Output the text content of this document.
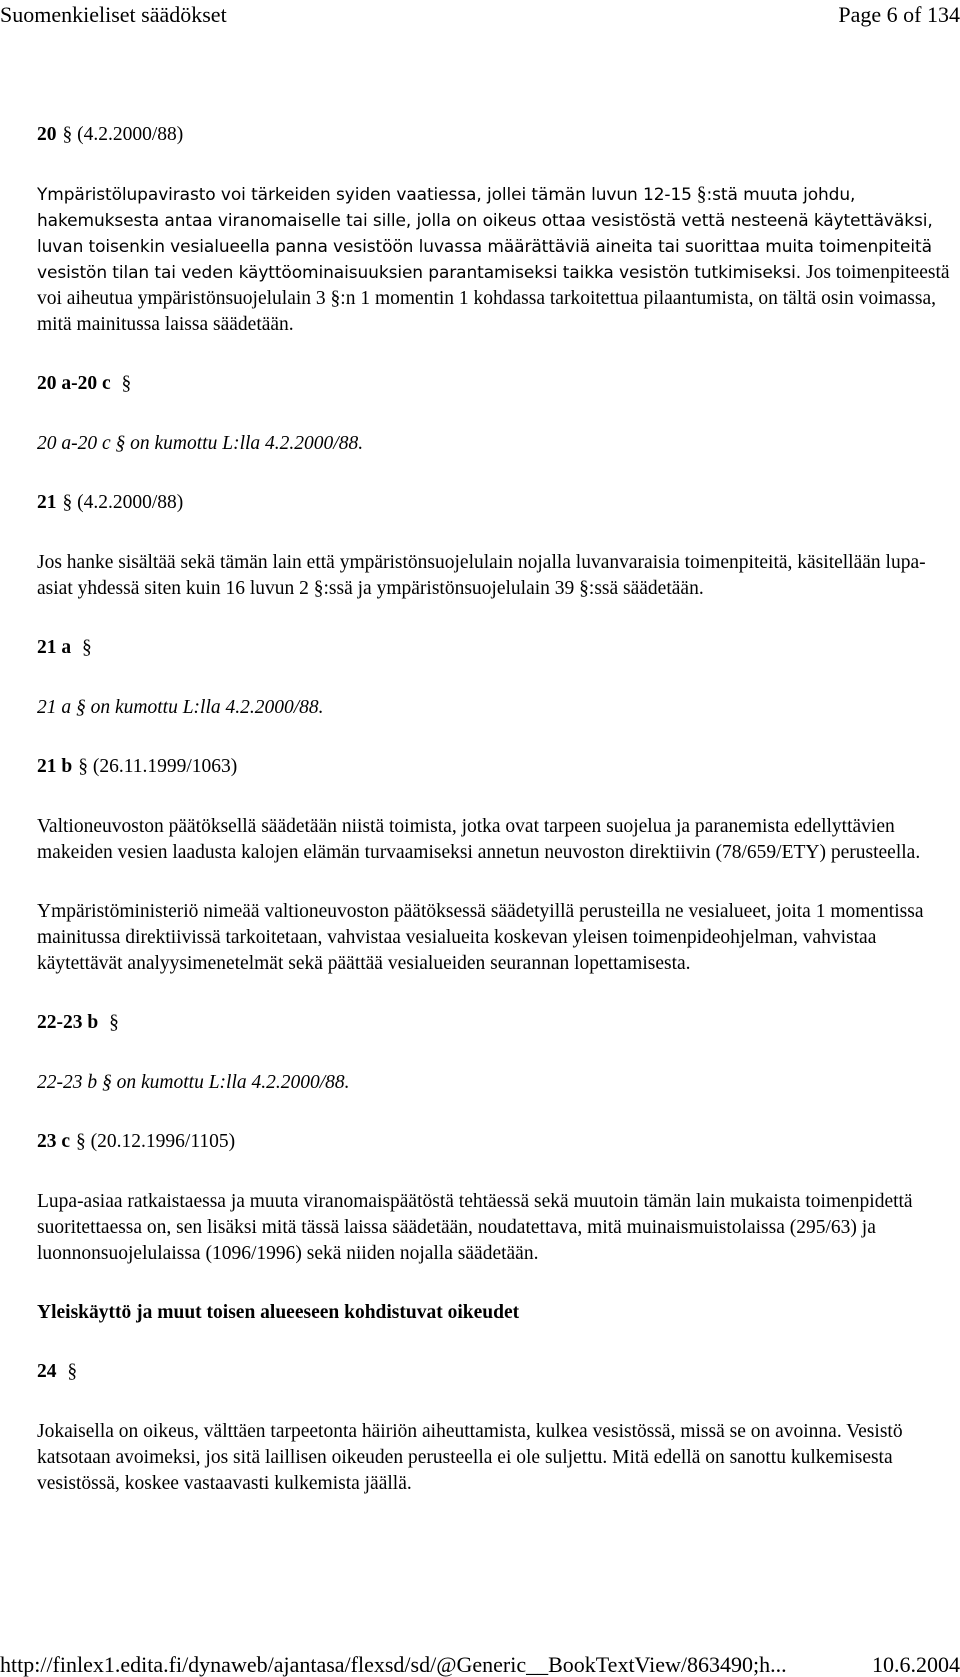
Suomenkieliset säädökset	Page 6 of 134

20 § (4.2.2000/88)

Ympäristölupavirasto voi tärkeiden syiden vaatiessa, jollei tämän luvun 12-15 §:stä muuta johdu, hakemuksesta antaa viranomaiselle tai sille, jolla on oikeus ottaa vesistöstä vettä nesteenä käytettäväksi, luvan toisenkin vesialueella panna vesistöön luvassa määrättäviä aineita tai suorittaa muita toimenpiteitä vesistön tilan tai veden käyttöominaisuuksien parantamiseksi taikka vesistön tutkimiseksi. Jos toimenpiteestä voi aiheutua ympäristönsuojelulain 3 §:n 1 momentin 1 kohdassa tarkoitettua pilaantumista, on tältä osin voimassa, mitä mainitussa laissa säädetään.

20 a-20 c §

20 a-20 c § on kumottu L:lla 4.2.2000/88.

21 § (4.2.2000/88)

Jos hanke sisältää sekä tämän lain että ympäristönsuojelulain nojalla luvanvaraisia toimenpiteitä, käsitellään lupa-asiat yhdessä siten kuin 16 luvun 2 §:ssä ja ympäristönsuojelulain 39 §:ssä säädetään.

21 a §

21 a § on kumottu L:lla 4.2.2000/88.

21 b § (26.11.1999/1063)

Valtioneuvoston päätöksellä säädetään niistä toimista, jotka ovat tarpeen suojelua ja paranemista edellyttävien makeiden vesien laadusta kalojen elämän turvaamiseksi annetun neuvoston direktiivin (78/659/ETY) perusteella.

Ympäristöministeriö nimeää valtioneuvoston päätöksessä säädetyillä perusteilla ne vesialueet, joita 1 momentissa mainitussa direktiivissä tarkoitetaan, vahvistaa vesialueita koskevan yleisen toimenpideohjelman, vahvistaa käytettävät analyysimenetelmät sekä päättää vesialueiden seurannan lopettamisesta.

22-23 b §

22-23 b § on kumottu L:lla 4.2.2000/88.

23 c § (20.12.1996/1105)

Lupa-asiaa ratkaistaessa ja muuta viranomaispäätöstä tehtäessä sekä muutoin tämän lain mukaista toimenpidettä suoritettaessa on, sen lisäksi mitä tässä laissa säädetään, noudatettava, mitä muinaismuistolaissa (295/63) ja luonnonsuojelulaissa (1096/1996) sekä niiden nojalla säädetään.

Yleiskäyttö ja muut toisen alueeseen kohdistuvat oikeudet

24 §

Jokaisella on oikeus, välttäen tarpeetonta häiriön aiheuttamista, kulkea vesistössä, missä se on avoinna. Vesistö katsotaan avoimeksi, jos sitä laillisen oikeuden perusteella ei ole suljettu. Mitä edellä on sanottu kulkemisesta vesistössä, koskee vastaavasti kulkemista jäällä.

http://finlex1.edita.fi/dynaweb/ajantasa/flexsd/sd/@Generic__BookTextView/863490;h...	10.6.2004
